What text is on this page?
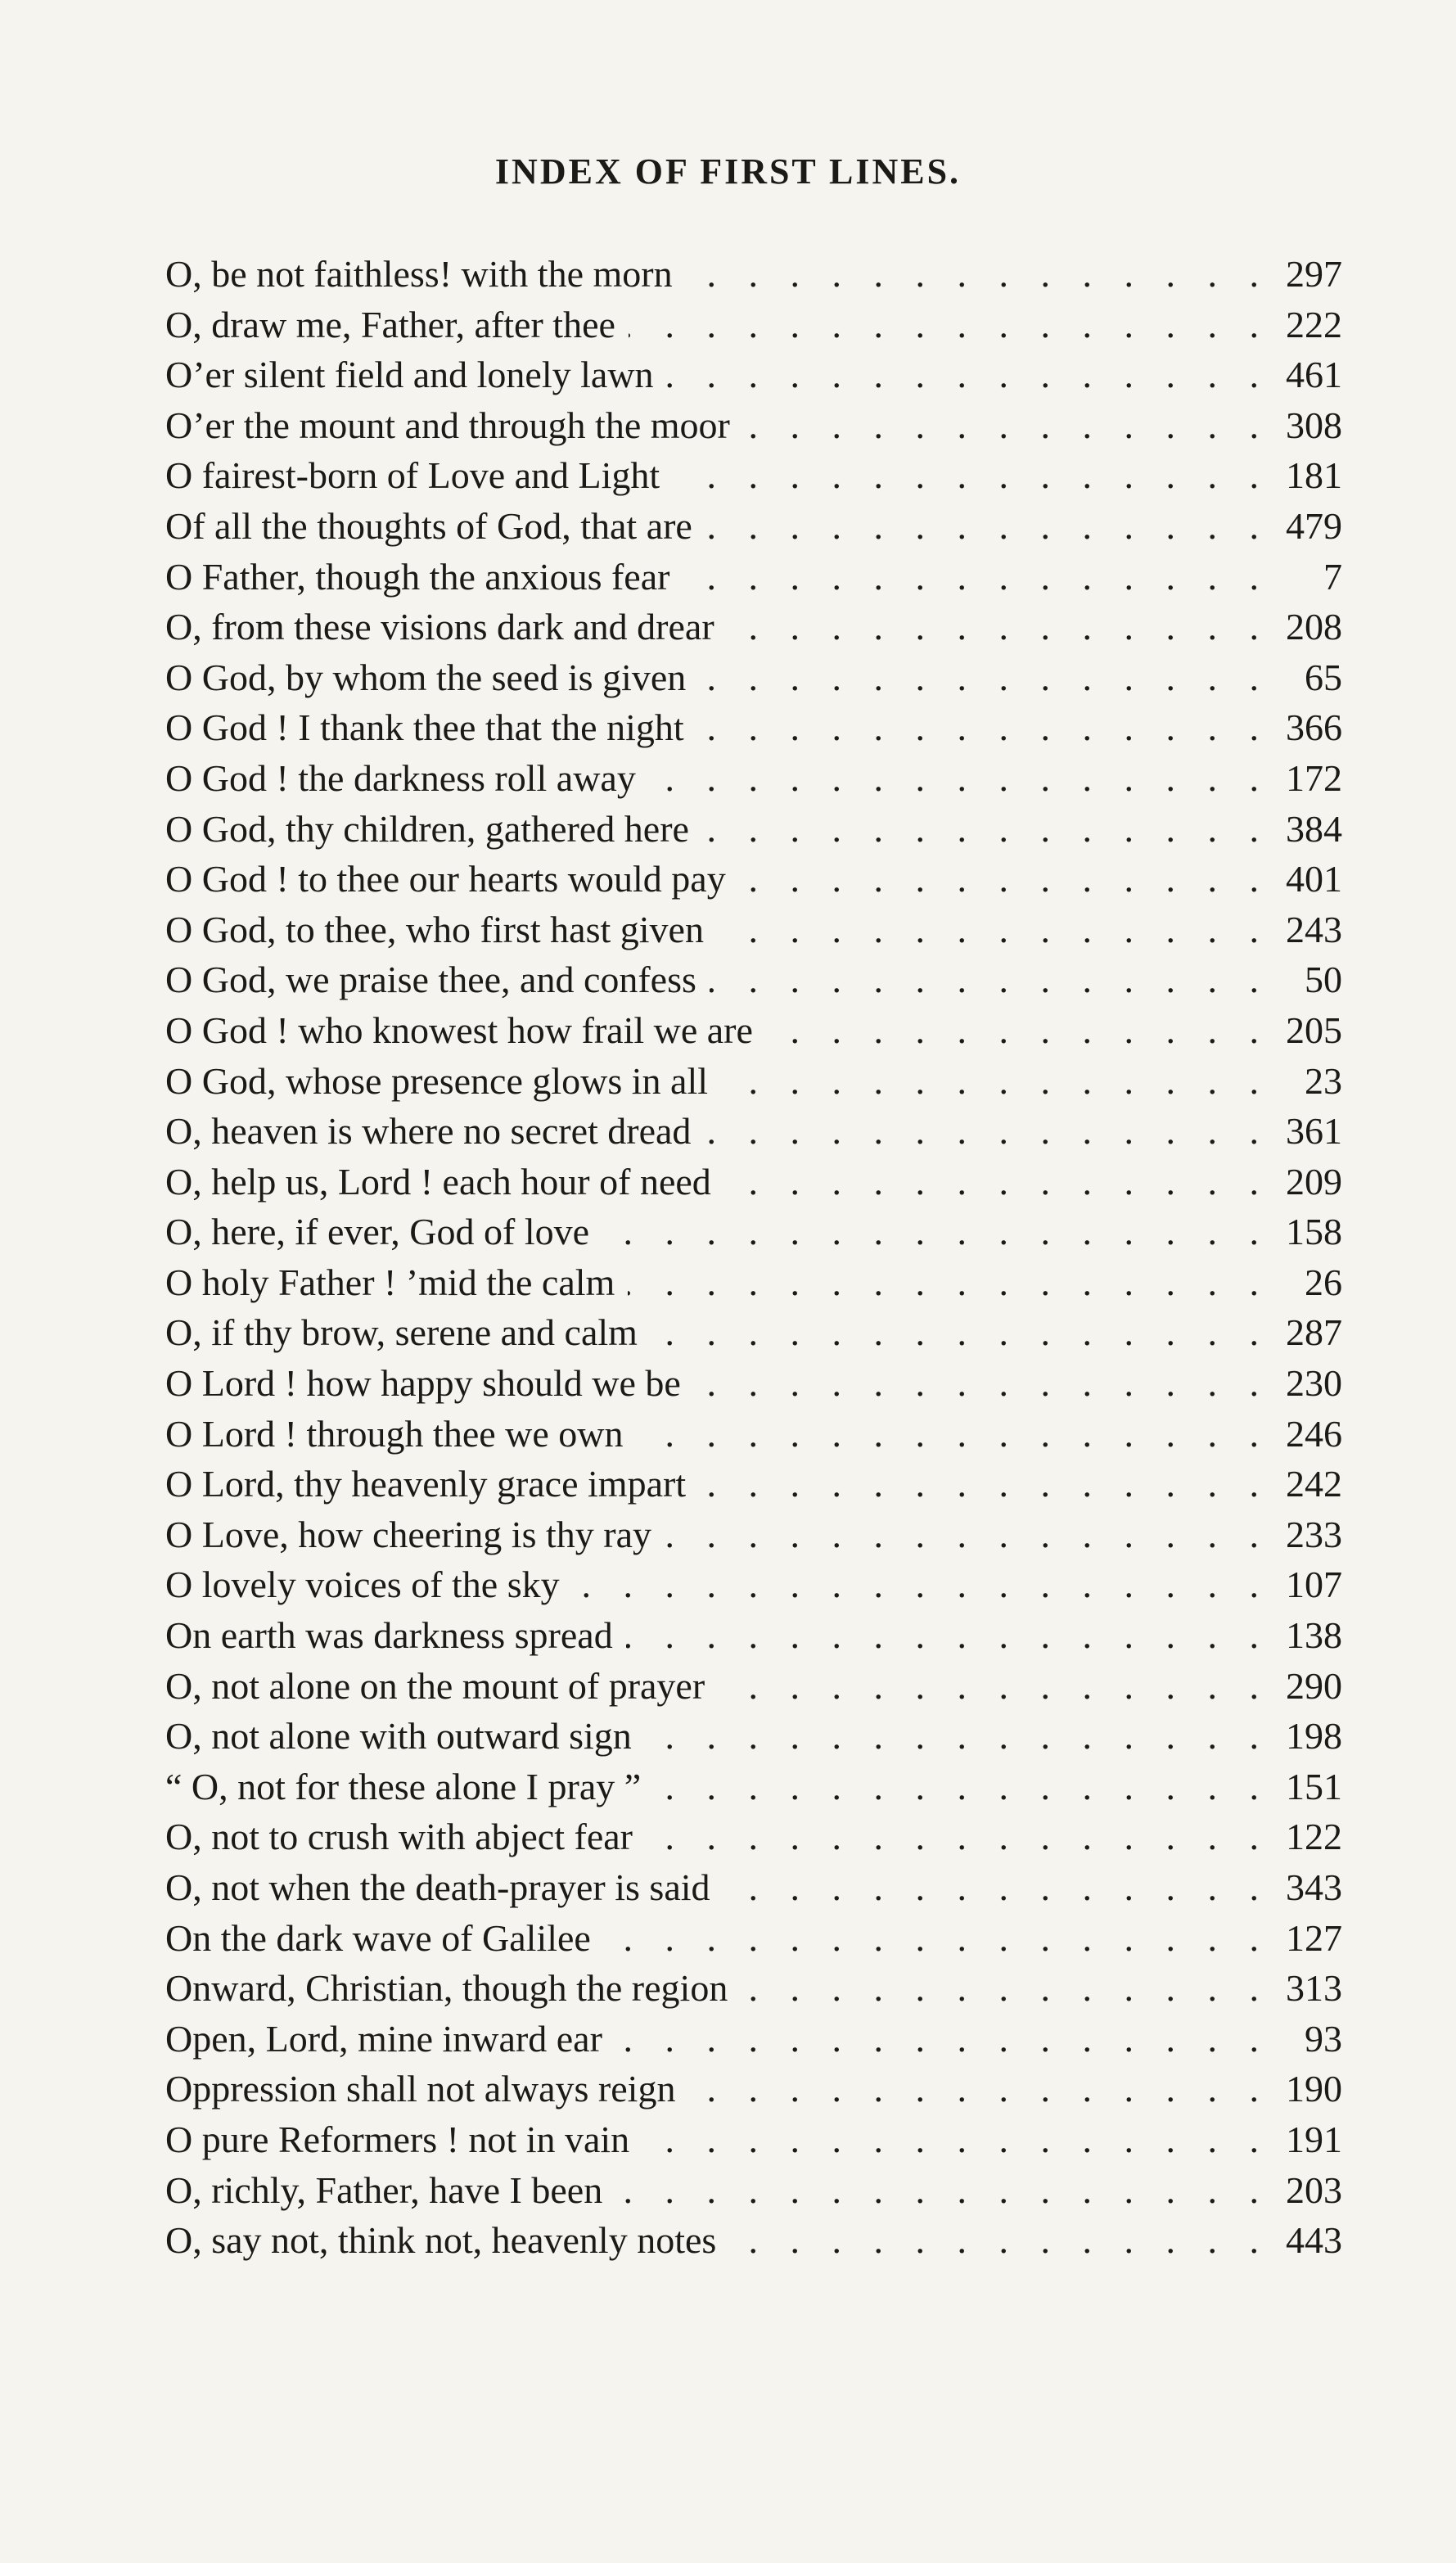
INDEX OF FIRST LINES.
O, be not faithless! with the morn . . .	297
O, draw me, Father, after thee . . .	222
O’er silent field and lonely lawn . . .	461
O’er the mount and through the moor . . .	308
O fairest-born of Love and Light . . .	181
Of all the thoughts of God, that are . . .	479
O Father, though the anxious fear . . .	7
O, from these visions dark and drear . . .	208
O God, by whom the seed is given . . .	65
O God ! I thank thee that the night . . .	366
O God ! the darkness roll away . . .	172
O God, thy children, gathered here . . .	384
O God ! to thee our hearts would pay . . .	401
O God, to thee, who first hast given . . .	243
O God, we praise thee, and confess . . .	50
O God ! who knowest how frail we are . . .	205
O God, whose presence glows in all . . .	23
O, heaven is where no secret dread . . .	361
O, help us, Lord ! each hour of need . . .	209
O, here, if ever, God of love . . .	158
O holy Father ! ’mid the calm . . .	26
O, if thy brow, serene and calm . . .	287
O Lord ! how happy should we be . . .	230
O Lord ! through thee we own . . .	246
O Lord, thy heavenly grace impart . . .	242
O Love, how cheering is thy ray . . .	233
O lovely voices of the sky . . .	107
On earth was darkness spread . . .	138
O, not alone on the mount of prayer . . .	290
O, not alone with outward sign . . .	198
“ O, not for these alone I pray ” . . .	151
O, not to crush with abject fear . . .	122
O, not when the death-prayer is said . . .	343
On the dark wave of Galilee . . .	127
Onward, Christian, though the region . . .	313
Open, Lord, mine inward ear . . .	93
Oppression shall not always reign . . .	190
O pure Reformers ! not in vain . . .	191
O, richly, Father, have I been . . .	203
O, say not, think not, heavenly notes . . .	443
